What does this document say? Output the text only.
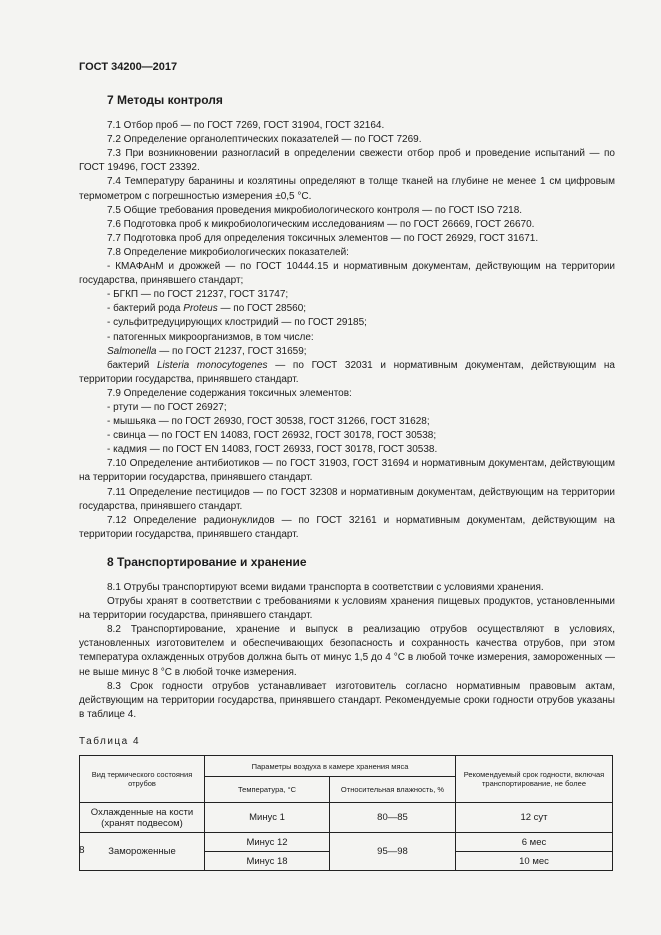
ГОСТ 34200—2017
7 Методы контроля
7.1 Отбор проб — по ГОСТ 7269, ГОСТ 31904, ГОСТ 32164.
7.2 Определение органолептических показателей — по ГОСТ 7269.
7.3 При возникновении разногласий в определении свежести отбор проб и проведение испытаний — по ГОСТ 19496, ГОСТ 23392.
7.4 Температуру баранины и козлятины определяют в толще тканей на глубине не менее 1 см цифровым термометром с погрешностью измерения ±0,5 °С.
7.5 Общие требования проведения микробиологического контроля — по ГОСТ ISO 7218.
7.6 Подготовка проб к микробиологическим исследованиям — по ГОСТ 26669, ГОСТ 26670.
7.7 Подготовка проб для определения токсичных элементов — по ГОСТ 26929, ГОСТ 31671.
7.8 Определение микробиологических показателей:
- КМАФАнМ и дрожжей — по ГОСТ 10444.15 и нормативным документам, действующим на территории государства, принявшего стандарт;
- БГКП — по ГОСТ 21237, ГОСТ 31747;
- бактерий рода Proteus — по ГОСТ 28560;
- сульфитредуцирующих клостридий — по ГОСТ 29185;
- патогенных микроорганизмов, в том числе:
Salmonella — по ГОСТ 21237, ГОСТ 31659;
бактерий Listeria monocytogenes — по ГОСТ 32031 и нормативным документам, действующим на территории государства, принявшего стандарт.
7.9 Определение содержания токсичных элементов:
- ртути — по ГОСТ 26927;
- мышьяка — по ГОСТ 26930, ГОСТ 30538, ГОСТ 31266, ГОСТ 31628;
- свинца — по ГОСТ EN 14083, ГОСТ 26932, ГОСТ 30178, ГОСТ 30538;
- кадмия — по ГОСТ EN 14083, ГОСТ 26933, ГОСТ 30178, ГОСТ 30538.
7.10 Определение антибиотиков — по ГОСТ 31903, ГОСТ 31694 и нормативным документам, действующим на территории государства, принявшего стандарт.
7.11 Определение пестицидов — по ГОСТ 32308 и нормативным документам, действующим на территории государства, принявшего стандарт.
7.12 Определение радионуклидов — по ГОСТ 32161 и нормативным документам, действующим на территории государства, принявшего стандарт.
8 Транспортирование и хранение
8.1 Отрубы транспортируют всеми видами транспорта в соответствии с условиями хранения.
Отрубы хранят в соответствии с требованиями к условиям хранения пищевых продуктов, установленными на территории государства, принявшего стандарт.
8.2 Транспортирование, хранение и выпуск в реализацию отрубов осуществляют в условиях, установленных изготовителем и обеспечивающих безопасность и сохранность качества отрубов, при этом температура охлажденных отрубов должна быть от минус 1,5 до 4 °С в любой точке измерения, замороженных — не выше минус 8 °С в любой точке измерения.
8.3 Срок годности отрубов устанавливает изготовитель согласно нормативным правовым актам, действующим на территории государства, принявшего стандарт. Рекомендуемые сроки годности отрубов указаны в таблице 4.
Таблица 4
Вид термического состояния отрубов	Параметры воздуха в камере хранения мяса		Рекомендуемый срок годности, включая транспортирование, не более
	Температура, °С	Относительная влажность, %	
Охлажденные на кости (хранят подвесом)	Минус 1	80—85	12 сут
Замороженные	Минус 12	95—98	6 мес
	Минус 18		10 мес
8
